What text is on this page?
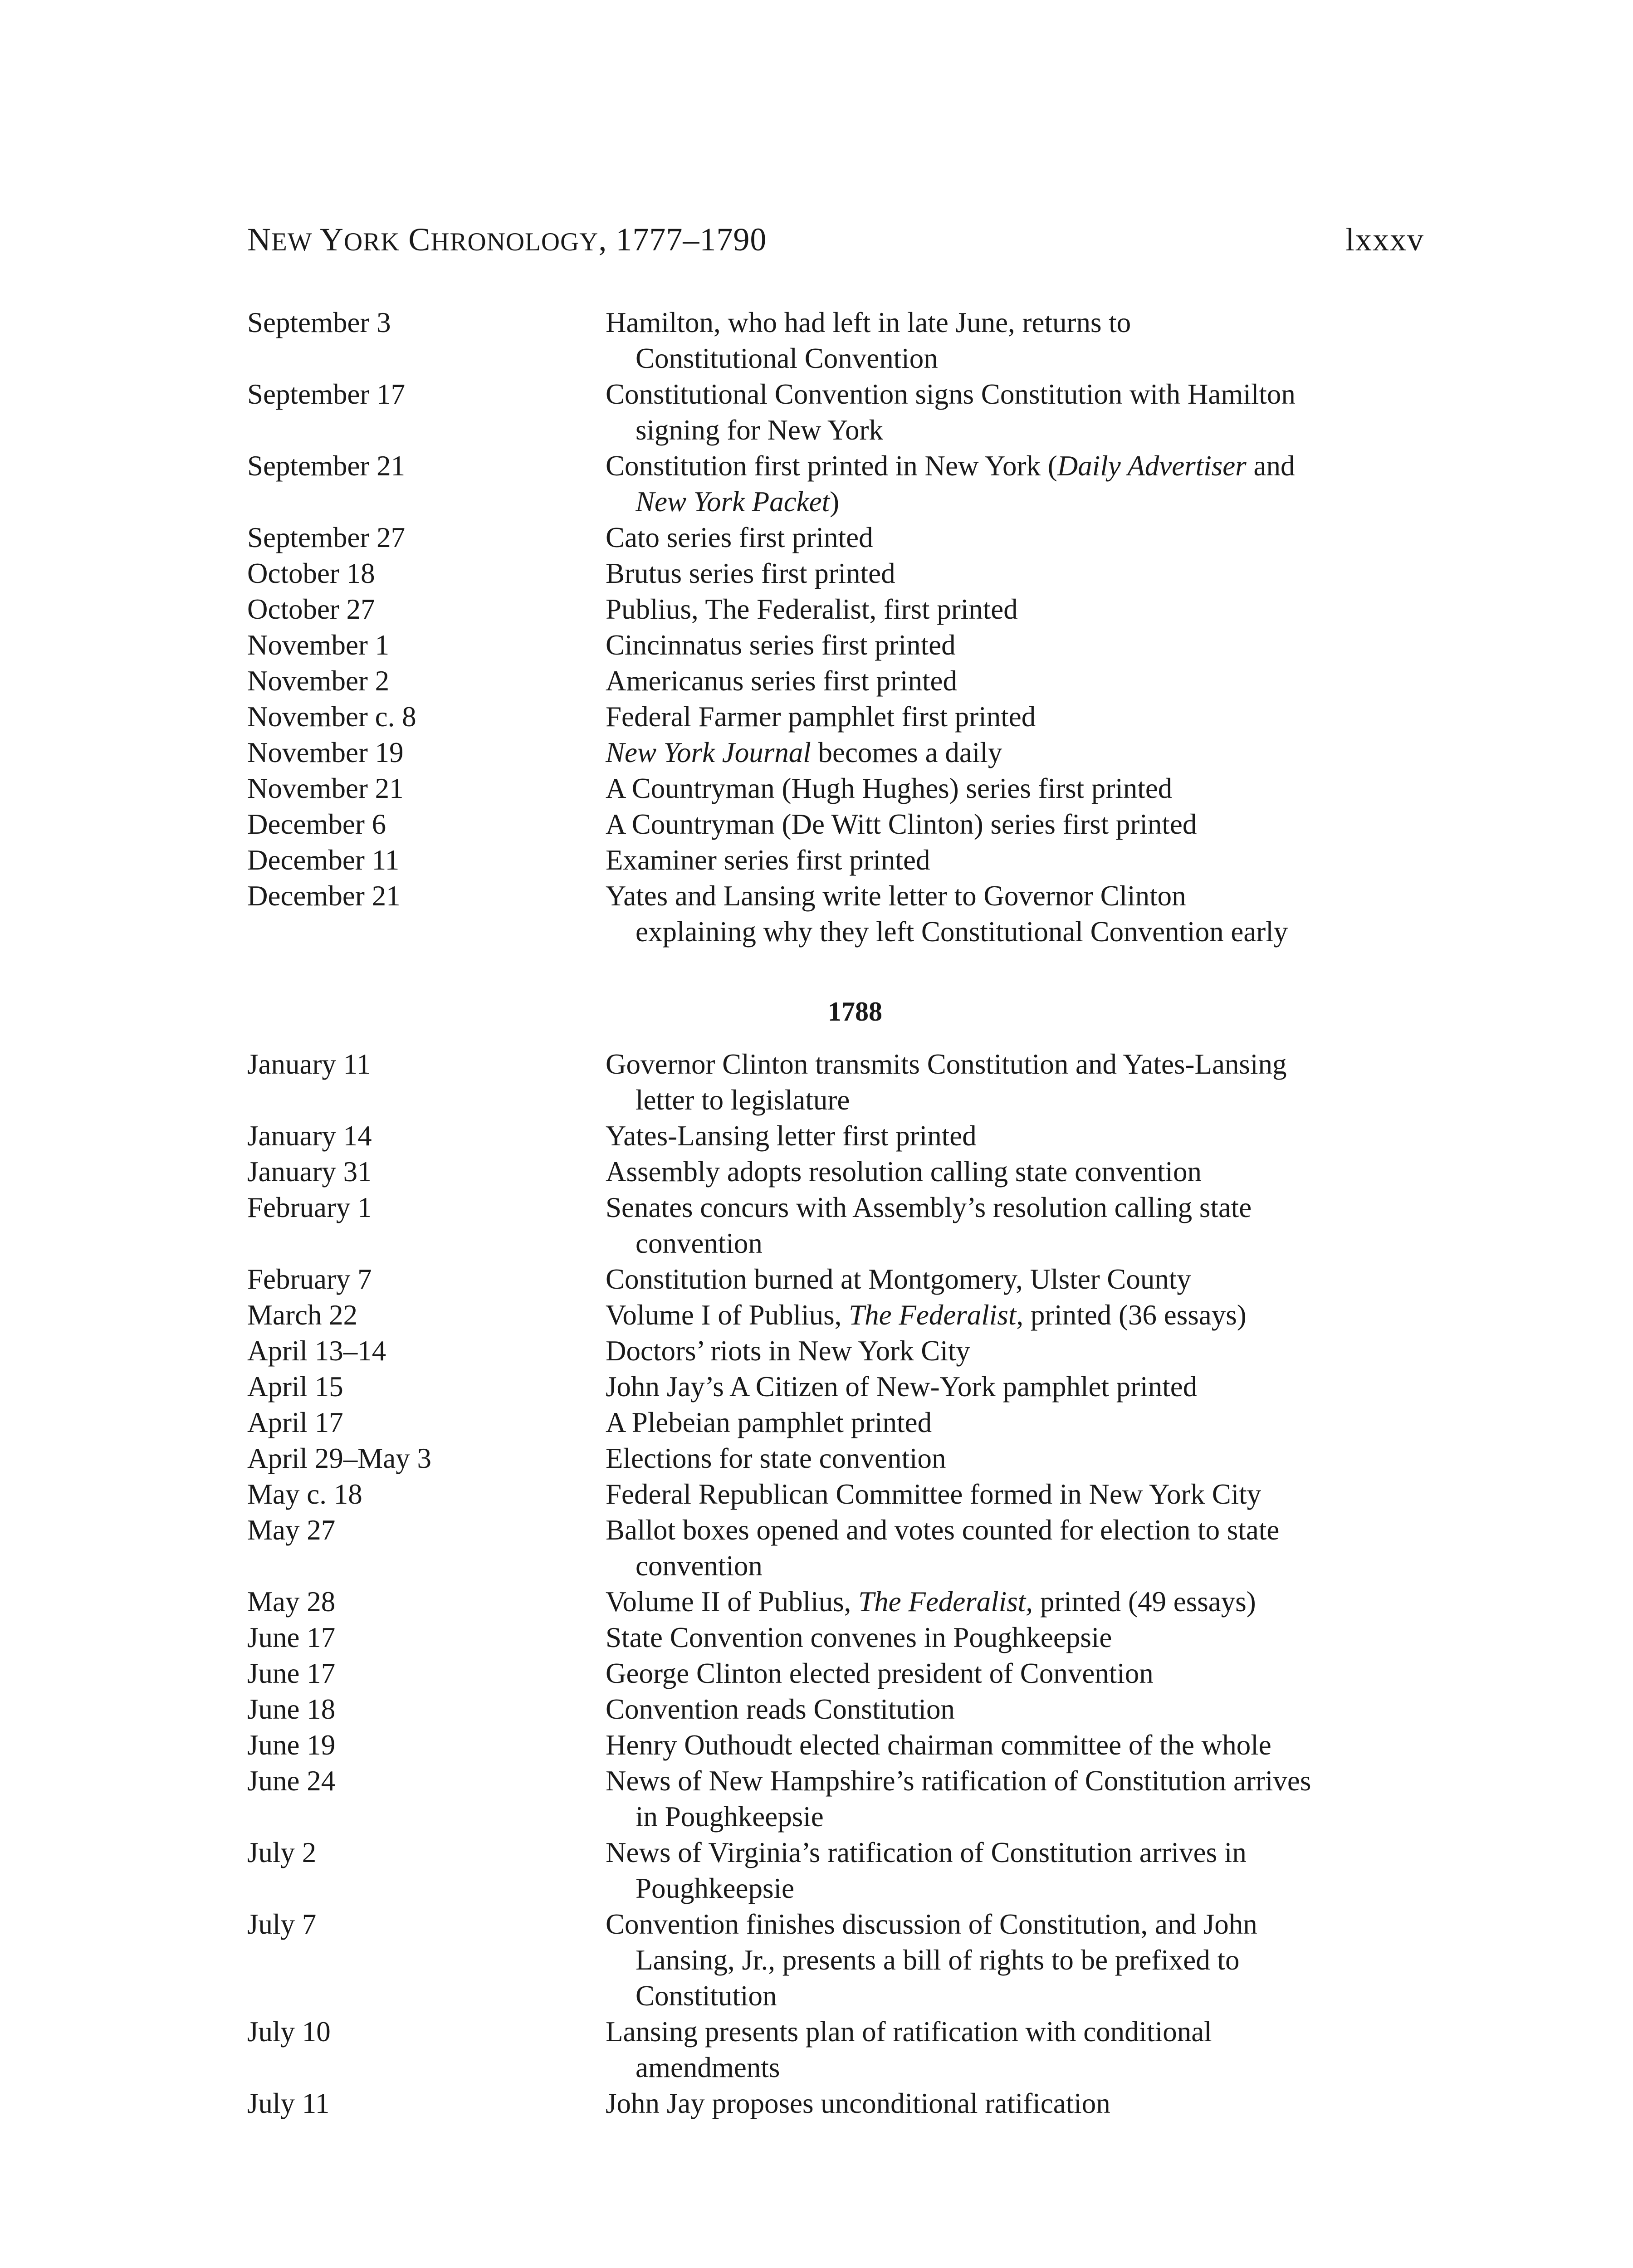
NEW YORK CHRONOLOGY, 1777–1790	lxxxv
September 3	Hamilton, who had left in late June, returns to
Constitutional Convention
September 17	Constitutional Convention signs Constitution with Hamilton
signing for New York
September 21	Constitution first printed in New York (Daily Advertiser and
New York Packet)
September 27	Cato series first printed
October 18	Brutus series first printed
October 27	Publius, The Federalist, first printed
November 1	Cincinnatus series first printed
November 2	Americanus series first printed
November c. 8	Federal Farmer pamphlet first printed
November 19	New York Journal becomes a daily
November 21	A Countryman (Hugh Hughes) series first printed
December 6	A Countryman (De Witt Clinton) series first printed
December 11	Examiner series first printed
December 21	Yates and Lansing write letter to Governor Clinton
explaining why they left Constitutional Convention early
1788
January 11	Governor Clinton transmits Constitution and Yates-Lansing
letter to legislature
January 14	Yates-Lansing letter first printed
January 31	Assembly adopts resolution calling state convention
February 1	Senates concurs with Assembly’s resolution calling state
convention
February 7	Constitution burned at Montgomery, Ulster County
March 22	Volume I of Publius, The Federalist, printed (36 essays)
April 13–14	Doctors’ riots in New York City
April 15	John Jay’s A Citizen of New-York pamphlet printed
April 17	A Plebeian pamphlet printed
April 29–May 3	Elections for state convention
May c. 18	Federal Republican Committee formed in New York City
May 27	Ballot boxes opened and votes counted for election to state
convention
May 28	Volume II of Publius, The Federalist, printed (49 essays)
June 17	State Convention convenes in Poughkeepsie
June 17	George Clinton elected president of Convention
June 18	Convention reads Constitution
June 19	Henry Outhoudt elected chairman committee of the whole
June 24	News of New Hampshire’s ratification of Constitution arrives
in Poughkeepsie
July 2	News of Virginia’s ratification of Constitution arrives in
Poughkeepsie
July 7	Convention finishes discussion of Constitution, and John
Lansing, Jr., presents a bill of rights to be prefixed to
Constitution
July 10	Lansing presents plan of ratification with conditional
amendments
July 11	John Jay proposes unconditional ratification
